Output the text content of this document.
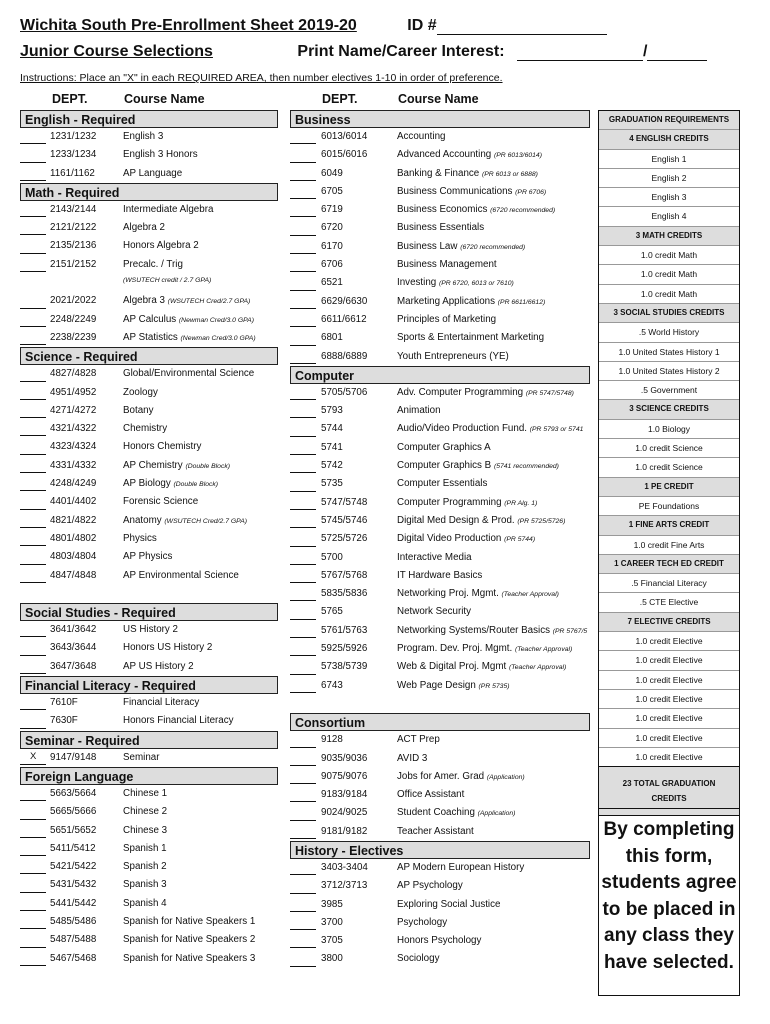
Wichita South Pre-Enrollment Sheet 2019-20	ID #
Junior Course Selections	Print Name/Career Interest:	/
Instructions: Place an "X" in each REQUIRED AREA, then number electives 1-10 in order of preference.
DEPT.	Course Name	DEPT.	Course Name
English - Required
1231/1232	English 3
1233/1234	English 3 Honors
1161/1162	AP Language
Math - Required
2143/2144	Intermediate Algebra
2121/2122	Algebra 2
2135/2136	Honors Algebra 2
2151/2152	Precalc. / Trig
(WSUTECH credit / 2.7 GPA)
2021/2022	Algebra 3 (WSUTECH Cred/2.7 GPA)
2248/2249	AP Calculus (Newman Cred/3.0 GPA)
2238/2239	AP Statistics (Newman Cred/3.0 GPA)
Science - Required
4827/4828	Global/Environmental Science
4951/4952	Zoology
4271/4272	Botany
4321/4322	Chemistry
4323/4324	Honors Chemistry
4331/4332	AP Chemistry (Double Block)
4248/4249	AP Biology (Double Block)
4401/4402	Forensic Science
4821/4822	Anatomy (WSUTECH Cred/2.7 GPA)
4801/4802	Physics
4803/4804	AP Physics
4847/4848	AP Environmental Science
Social Studies - Required
3641/3642	US History 2
3643/3644	Honors US History 2
3647/3648	AP US History 2
Financial Literacy - Required
7610F	Financial Literacy
7630F	Honors Financial Literacy
Seminar - Required
X 9147/9148	Seminar
Foreign Language
5663/5664	Chinese 1
5665/5666	Chinese 2
5651/5652	Chinese 3
5411/5412	Spanish 1
5421/5422	Spanish 2
5431/5432	Spanish 3
5441/5442	Spanish 4
5485/5486	Spanish for Native Speakers 1
5487/5488	Spanish for Native Speakers 2
5467/5468	Spanish for Native Speakers 3
Business
6013/6014	Accounting
6015/6016	Advanced Accounting (PR 6013/6014)
6049	Banking & Finance (PR 6013 or 6888)
6705	Business Communications (PR 6706)
6719	Business Economics (6720 recommended)
6720	Business Essentials
6170	Business Law (6720 recommended)
6706	Business Management
6521	Investing (PR 6720, 6013 or 7610)
6629/6630	Marketing Applications (PR 6611/6612)
6611/6612	Principles of Marketing
6801	Sports & Entertainment Marketing
6888/6889	Youth Entrepreneurs (YE)
Computer
5705/5706	Adv. Computer Programming (PR 5747/5748)
5793	Animation
5744	Audio/Video Production Fund. (PR 5793 or 5741
5741	Computer Graphics A
5742	Computer Graphics B (5741 recommended)
5735	Computer Essentials
5747/5748	Computer Programming (PR Alg. 1)
5745/5746	Digital Med Design & Prod. (PR 5725/5726)
5725/5726	Digital Video Production (PR 5744)
5700	Interactive Media
5767/5768	IT Hardware Basics
5835/5836	Networking Proj. Mgmt. (Teacher Approval)
5765	Network Security
5761/5763	Networking Systems/Router Basics (PR 5767/5
5925/5926	Program. Dev. Proj. Mgmt. (Teacher Approval)
5738/5739	Web & Digital Proj. Mgmt (Teacher Approval)
6743	Web Page Design (PR 5735)
Consortium
9128	ACT Prep
9035/9036	AVID 3
9075/9076	Jobs for Amer. Grad (Application)
9183/9184	Office Assistant
9024/9025	Student Coaching (Application)
9181/9182	Teacher Assistant
History - Electives
3403-3404	AP Modern European History
3712/3713	AP Psychology
3985	Exploring Social Justice
3700	Psychology
3705	Honors Psychology
3800	Sociology
GRADUATION REQUIREMENTS
4 ENGLISH CREDITS
English 1
English 2
English 3
English 4
3 MATH CREDITS
1.0 credit Math
1.0 credit Math
1.0 credit Math
3 SOCIAL STUDIES CREDITS
.5 World History
1.0 United States History 1
1.0 United States History 2
.5 Government
3 SCIENCE CREDITS
1.0 Biology
1.0 credit Science
1.0 credit Science
1 PE CREDIT
PE Foundations
1 FINE ARTS CREDIT
1.0 credit Fine Arts
1 CAREER TECH ED CREDIT
.5 Financial Literacy
.5 CTE Elective
7 ELECTIVE CREDITS
1.0 credit Elective
1.0 credit Elective
1.0 credit Elective
1.0 credit Elective
1.0 credit Elective
1.0 credit Elective
1.0 credit Elective
23 TOTAL GRADUATION CREDITS
By completing
this form,
students agree
to be placed in
any class they
have selected.
